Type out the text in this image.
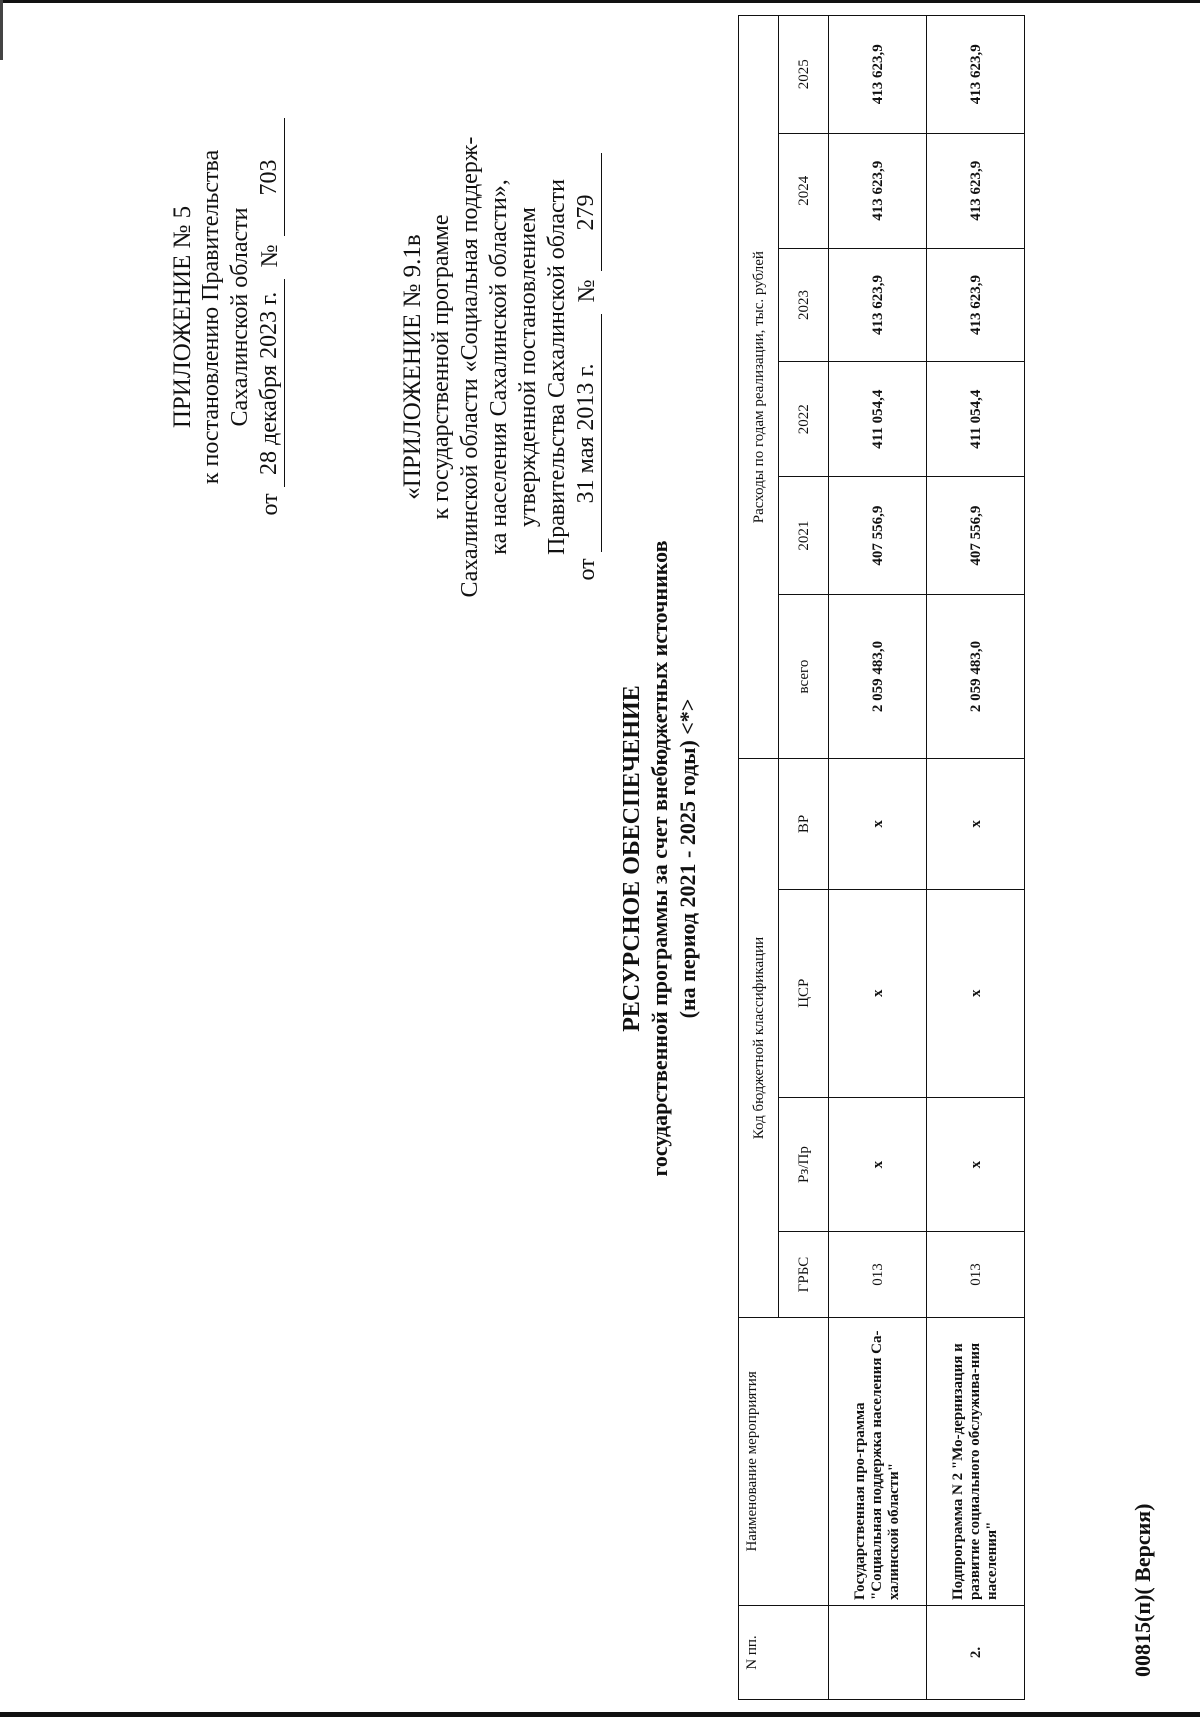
ПРИЛОЖЕНИЕ № 5 к постановлению Правительства Сахалинской области
от
28 декабря 2023 г.
№
703
«ПРИЛОЖЕНИЕ № 9.1в к государственной программе Сахалинской области «Социальная поддерж- ка населения Сахалинской области», утвержденной постановлением Правительства Сахалинской области
от
31 мая 2013 г.
№
279
РЕСУРСНОЕ ОБЕСПЕЧЕНИЕ государственной программы за счет внебюджетных источников (на период 2021 - 2025 годы) <*>
N пп.	Наименование мероприятия	Код бюджетной классификации				Расходы по годам реализации, тыс. рублей					
		ГРБС	Рз/Пр	ЦСР	ВР	всего	2021	2022	2023	2024	2025
	Государственная про-грамма "Социальная поддержка населения Са-халинской области"	013	x	x	x	2 059 483,0	407 556,9	411 054,4	413 623,9	413 623,9	413 623,9
2.	Подпрограмма N 2 "Мо-дернизация и развитие социального обслужива-ния населения"	013	x	x	x	2 059 483,0	407 556,9	411 054,4	413 623,9	413 623,9	413 623,9
00815(п)( Версия)
